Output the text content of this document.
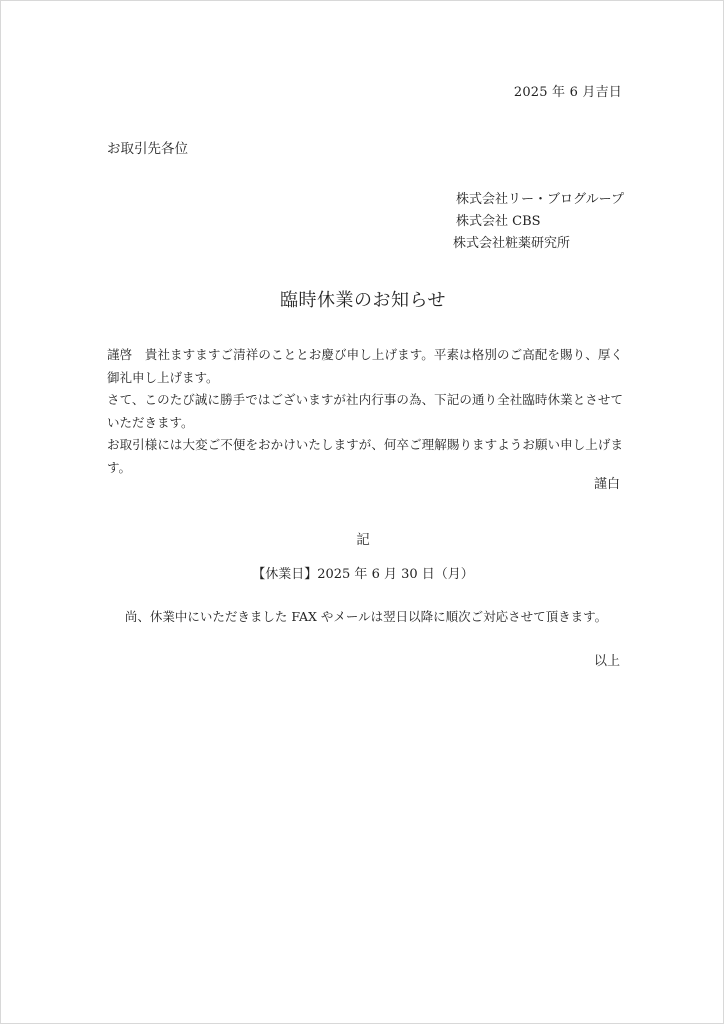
2025 年 6 月吉日
お取引先各位
株式会社リー・ブログループ
株式会社 CBS
株式会社粧薬研究所
臨時休業のお知らせ

謹啓　貴社ますますご清祥のこととお慶び申し上げます。平素は格別のご高配を賜り、厚く御礼申し上げます。

さて、このたび誠に勝手ではございますが社内行事の為、下記の通り全社臨時休業とさせていただきます。

お取引様には大変ご不便をおかけいたしますが、何卒ご理解賜りますようお願い申し上げます。

謹白
記
【休業日】2025 年 6 月 30 日（月）
尚、休業中にいただきました FAX やメールは翌日以降に順次ご対応させて頂きます。
以上
